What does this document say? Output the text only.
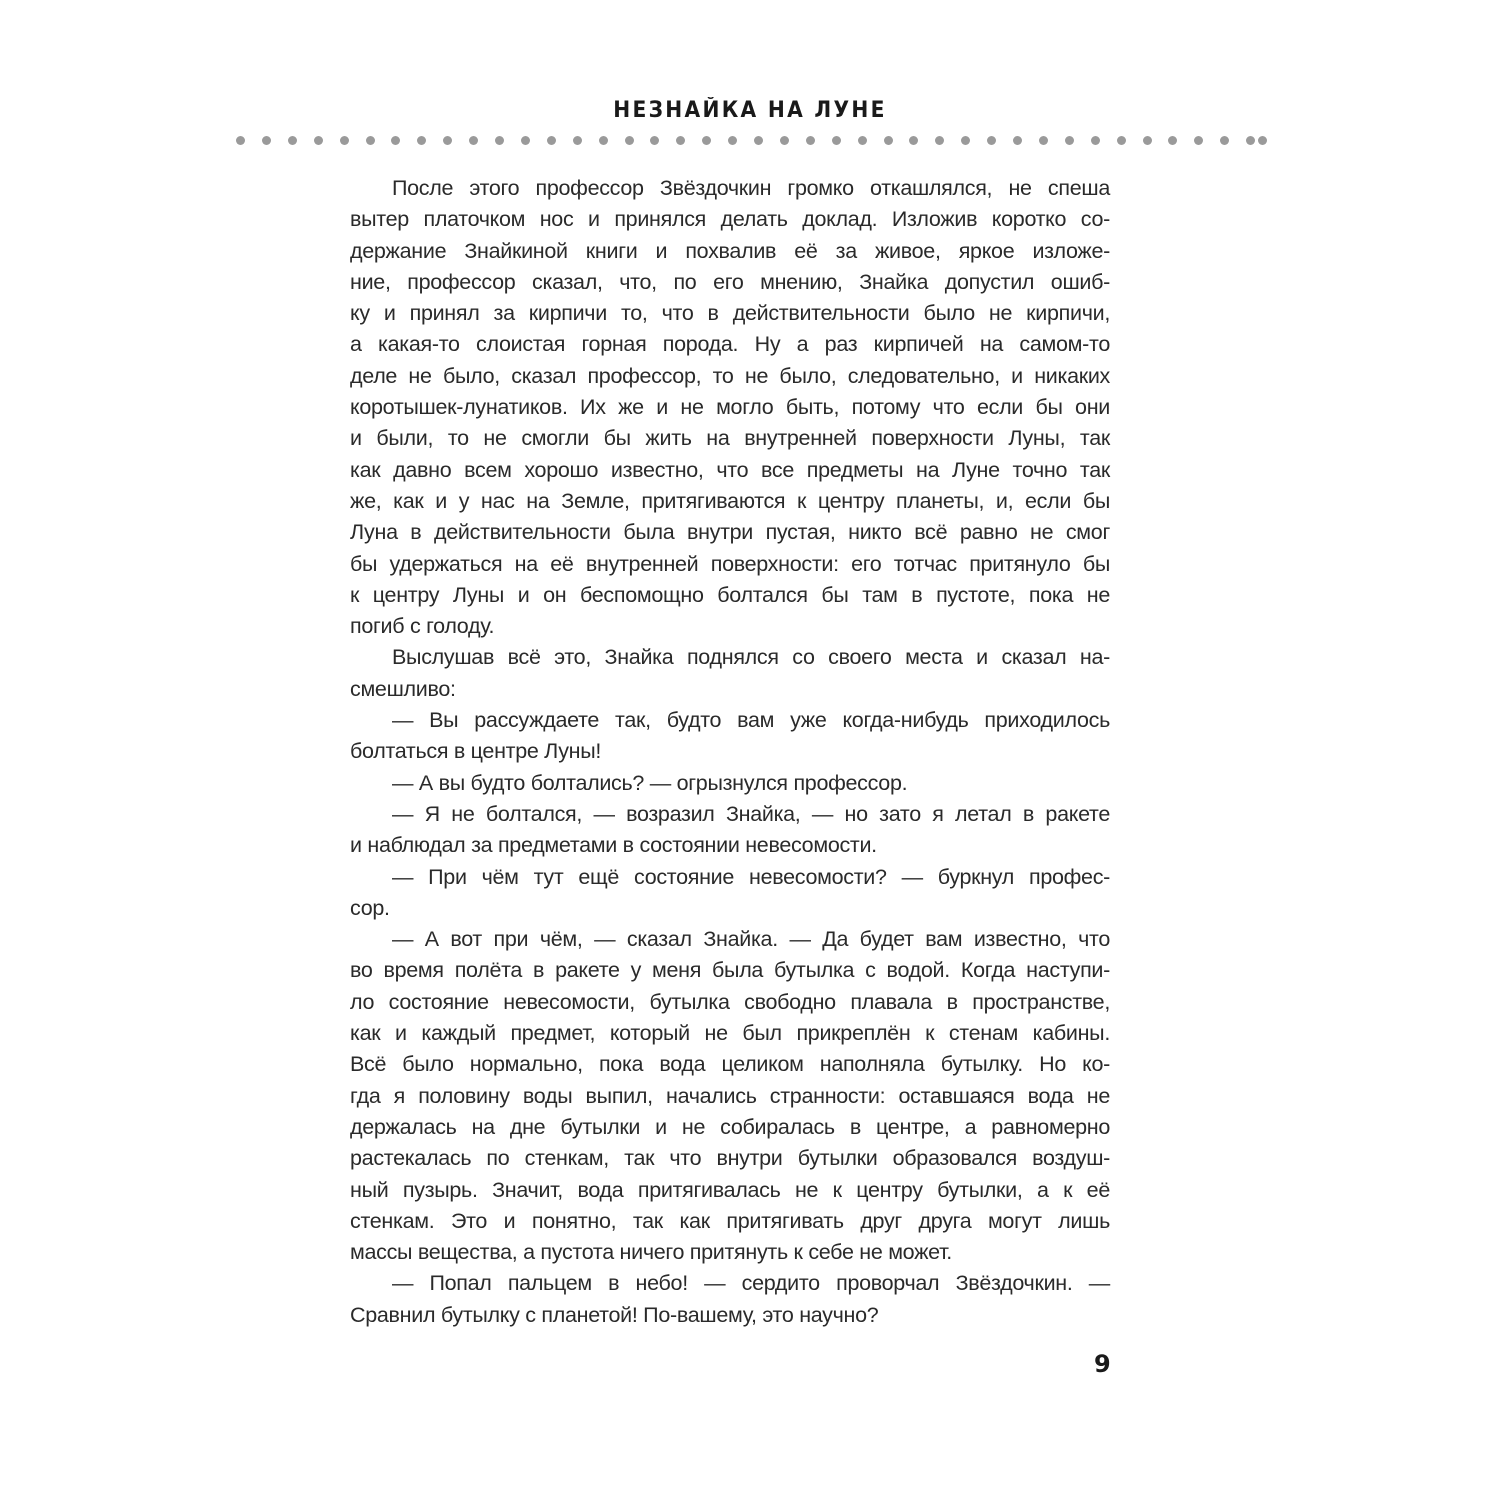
НЕЗНАЙКА НА ЛУНЕ
После этого профессор Звёздочкин громко откашлялся, не спеша
вытер платочком нос и принялся делать доклад. Изложив коротко со-
держание Знайкиной книги и похвалив её за живое, яркое изложе-
ние, профессор сказал, что, по его мнению, Знайка допустил ошиб-
ку и принял за кирпичи то, что в действительности было не кирпичи,
а какая-то слоистая горная порода. Ну а раз кирпичей на самом-то
деле не было, сказал профессор, то не было, следовательно, и никаких
коротышек-лунатиков. Их же и не могло быть, потому что если бы они
и были, то не смогли бы жить на внутренней поверхности Луны, так
как давно всем хорошо известно, что все предметы на Луне точно так
же, как и у нас на Земле, притягиваются к центру планеты, и, если бы
Луна в действительности была внутри пустая, никто всё равно не смог
бы удержаться на её внутренней поверхности: его тотчас притянуло бы
к центру Луны и он беспомощно болтался бы там в пустоте, пока не
погиб с голоду.
Выслушав всё это, Знайка поднялся со своего места и сказал на-
смешливо:
— Вы рассуждаете так, будто вам уже когда-нибудь приходилось
болтаться в центре Луны!
— А вы будто болтались? — огрызнулся профессор.
— Я не болтался, — возразил Знайка, — но зато я летал в ракете
и наблюдал за предметами в состоянии невесомости.
— При чём тут ещё состояние невесомости? — буркнул профес-
сор.
— А вот при чём, — сказал Знайка. — Да будет вам известно, что
во время полёта в ракете у меня была бутылка с водой. Когда наступи-
ло состояние невесомости, бутылка свободно плавала в пространстве,
как и каждый предмет, который не был прикреплён к стенам кабины.
Всё было нормально, пока вода целиком наполняла бутылку. Но ко-
гда я половину воды выпил, начались странности: оставшаяся вода не
держалась на дне бутылки и не собиралась в центре, а равномерно
растекалась по стенкам, так что внутри бутылки образовался воздуш-
ный пузырь. Значит, вода притягивалась не к центру бутылки, а к её
стенкам. Это и понятно, так как притягивать друг друга могут лишь
массы вещества, а пустота ничего притянуть к себе не может.
— Попал пальцем в небо! — сердито проворчал Звёздочкин. —
Сравнил бутылку с планетой! По-вашему, это научно?
9
